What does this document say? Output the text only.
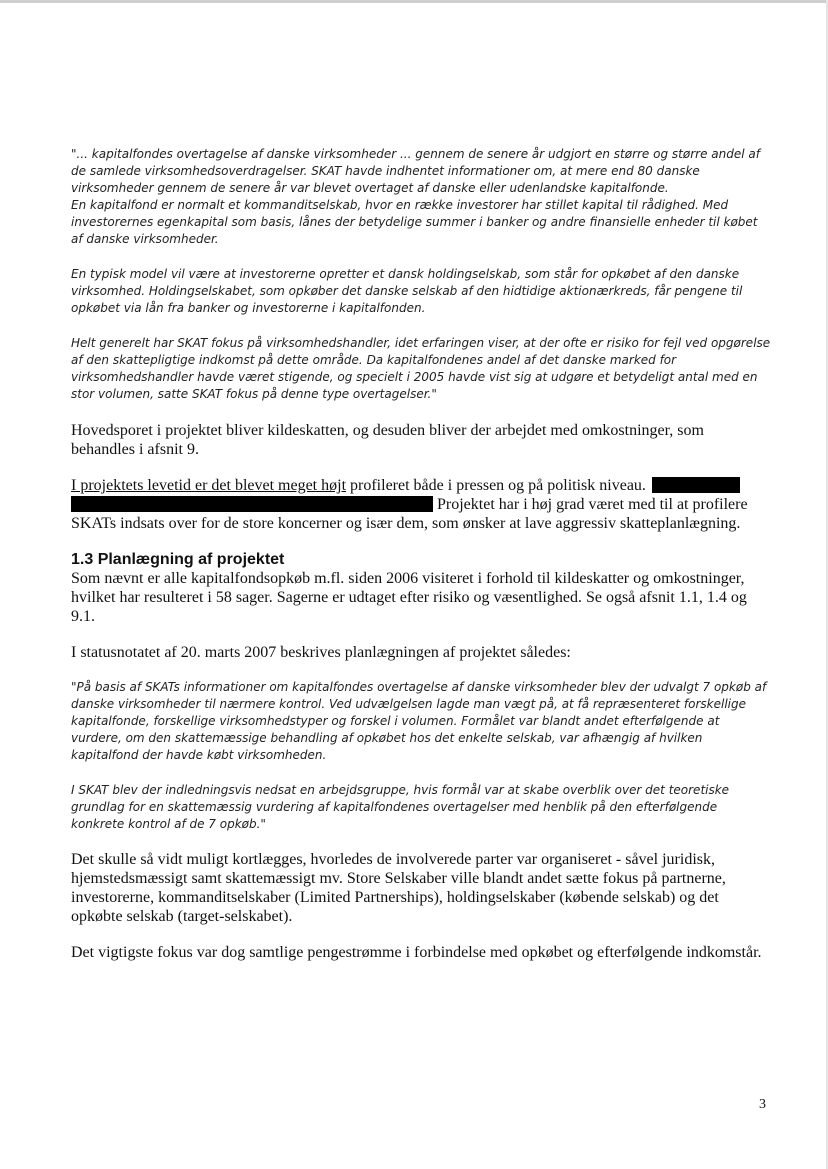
"... kapitalfondes overtagelse af danske virksomheder ... gennem de senere år udgjort en større og større andel af de samlede virksomhedsoverdragelser. SKAT havde indhentet informationer om, at mere end 80 danske virksomheder gennem de senere år var blevet overtaget af danske eller udenlandske kapitalfonde.

En kapitalfond er normalt et kommanditselskab, hvor en række investorer har stillet kapital til rådighed. Med investorernes egenkapital som basis, lånes der betydelige summer i banker og andre finansielle enheder til købet af danske virksomheder.

En typisk model vil være at investorerne opretter et dansk holdingselskab, som står for opkøbet af den danske virksomhed. Holdingselskabet, som opkøber det danske selskab af den hidtidige aktionærkreds, får pengene til opkøbet via lån fra banker og investorerne i kapitalfonden.

Helt generelt har SKAT fokus på virksomhedshandler, idet erfaringen viser, at der ofte er risiko for fejl ved opgørelse af den skattepligtige indkomst på dette område. Da kapitalfondenes andel af det danske marked for virksomhedshandler havde været stigende, og specielt i 2005 havde vist sig at udgøre et betydeligt antal med en stor volumen, satte SKAT fokus på denne type overtagelser."

Hovedsporet i projektet bliver kildeskatten, og desuden bliver der arbejdet med omkostninger, som behandles i afsnit 9.

I projektets levetid er det blevet meget højt profileret både i pressen og på politisk niveau.
Projektet har i høj grad været med til at profilere SKATs indsats over for de store koncerner og især dem, som ønsker at lave aggressiv skatteplanlægning.

1.3 Planlægning af projektet

Som nævnt er alle kapitalfondsopkøb m.fl. siden 2006 visiteret i forhold til kildeskatter og omkostninger, hvilket har resulteret i 58 sager. Sagerne er udtaget efter risiko og væsentlighed. Se også afsnit 1.1, 1.4 og 9.1.

I statusnotatet af 20. marts 2007 beskrives planlægningen af projektet således:

"På basis af SKATs informationer om kapitalfondes overtagelse af danske virksomheder blev der udvalgt 7 opkøb af danske virksomheder til nærmere kontrol. Ved udvælgelsen lagde man vægt på, at få repræsenteret forskellige kapitalfonde, forskellige virksomhedstyper og forskel i volumen. Formålet var blandt andet efterfølgende at vurdere, om den skattemæssige behandling af opkøbet hos det enkelte selskab, var afhængig af hvilken kapitalfond der havde købt virksomheden.

I SKAT blev der indledningsvis nedsat en arbejdsgruppe, hvis formål var at skabe overblik over det teoretiske grundlag for en skattemæssig vurdering af kapitalfondenes overtagelser med henblik på den efterfølgende konkrete kontrol af de 7 opkøb."

Det skulle så vidt muligt kortlægges, hvorledes de involverede parter var organiseret - såvel juridisk, hjemstedsmæssigt samt skattemæssigt mv. Store Selskaber ville blandt andet sætte fokus på partnerne, investorerne, kommanditselskaber (Limited Partnerships), holdingselskaber (købende selskab) og det opkøbte selskab (target-selskabet).

Det vigtigste fokus var dog samtlige pengestrømme i forbindelse med opkøbet og efterfølgende indkomstår.

3
